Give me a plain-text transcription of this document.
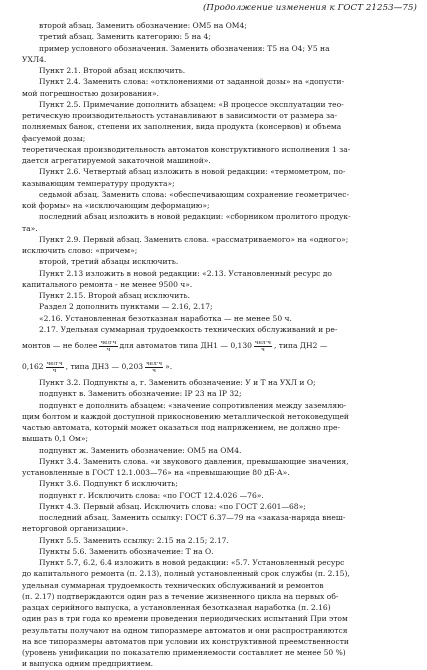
(Продолжение изменения к ГОСТ 21253—75)

второй абзац. Заменить обозначение: ОМ5 на ОМ4;

третий абзац. Заменить категорию: 5 на 4;

пример условного обозначения. Заменить обозначения: Т5 на О4; У5 на

УХЛ4.

Пункт 2.1. Второй абзац исключить.

Пункт 2.4. Заменить слова: «отклонениями от заданной дозы» на «допусти-

мой погрешностью дозирования».

Пункт 2.5. Примечание дополнить абзацем: «В процессе эксплуатации тео-

ретическую производительность устанавливают в зависимости от размера за-

полняемых банок, степени их заполнения, вида продукта (консервов) и объема

фасуемой дозы;

теоретическая производительность автоматов конструктивного исполнения 1 за-

дается агрегатируемой закаточной машиной».

Пункт 2.6. Четвертый абзац изложить в новой редакции: «термометром, по-

казывающим температуру продукта»;

седьмой абзац. Заменить слова: «обеспечивающим сохранение геометричес-

кой формы» на «исключающим деформацию»;

последний абзац изложить в новой редакции: «сборником пролитого продук-

та».

Пункт 2.9. Первый абзац. Заменить слова. «рассматриваемого» на «одного»;

исключить слово: «причем»;

второй, третий абзацы исключить.

Пункт 2.13 изложить в новой редакции: «2.13. Установленный ресурс до

капитального ремонта - не менее 9500 ч».

Пункт 2.15. Второй абзац исключить.

Раздел 2 дополнить пунктами — 2.16, 2.17;

«2.16. Установленная безотказная наработка — не менее 50 ч.

2.17. Удельная суммарная трудоемкость технических обслуживаний и ре-

монтов — не более $\frac{\text{чел·ч}}{ч}$ для автоматов типа ДН1 — $0,130 \frac{\text{чел·ч}}{ч}$ , типа ДН2 —
$0,162 \frac{\text{чел·ч}}{ч}$ , типа ДН3 — $0,203 \frac{\text{чел·ч}}{ч}$ ».

Пункт 3.2. Подпункты а, г. Заменить обозначение: У и Т на УХЛ и О;

подпункт в. Заменить обозначение: IP 23 на IP 32;

подпункт е дополнить абзацем: «значение сопротивления между заземляю-

щим болтом и каждой доступной прикосновению металлической нетоковедущей

частью автомата, который может оказаться под напряжением, не должно пре-

вышать 0,1 Ом»;

подпункт ж. Заменить обозначение: ОМ5 на ОМ4.

Пункт 3.4. Заменить слова. «и звукового давления, превышающие значения,

установленные в ГОСТ 12.1.003—76» на «превышающие 80 дБ·А».

Пункт 3.6. Подпункт б исключить;

подпункт г. Исключить слова: «по ГОСТ 12.4.026 —76».

Пункт 4.3. Первый абзац. Исключить слова: «по ГОСТ 2.601—68»;

последний абзац. Заменить ссылку: ГОСТ 6.37—79 на «заказа-наряда внеш-

неторговой организации».

Пункт 5.5. Заменить ссылку: 2.15 на 2.15; 2.17.

Пункты 5.6. Заменить обозначение: Т на О.

Пункт 5.7, 6.2, 6.4 изложить в новой редакции: «5.7. Установленный ресурс

до капитального ремонта (п. 2.13), полный установленный срок службы (п. 2.15),

удельная суммарная трудоемкость технических обслуживаний и ремонтов

(п. 2.17) подтверждаются один раз в течение жизненного цикла на первых об-

разцах серийного выпуска, а установленная безотказная наработка (п. 2.16)

один раз в три года ко времени проведения периодических испытаний При этом

результаты получают на одном типоразмере автоматов и они распространяются

на все типоразмеры автоматов при условии их конструктивной преемственности

(уровень унификации по показателю применяемости составляет не менее 50 %)

и выпуска одним предприятием.
